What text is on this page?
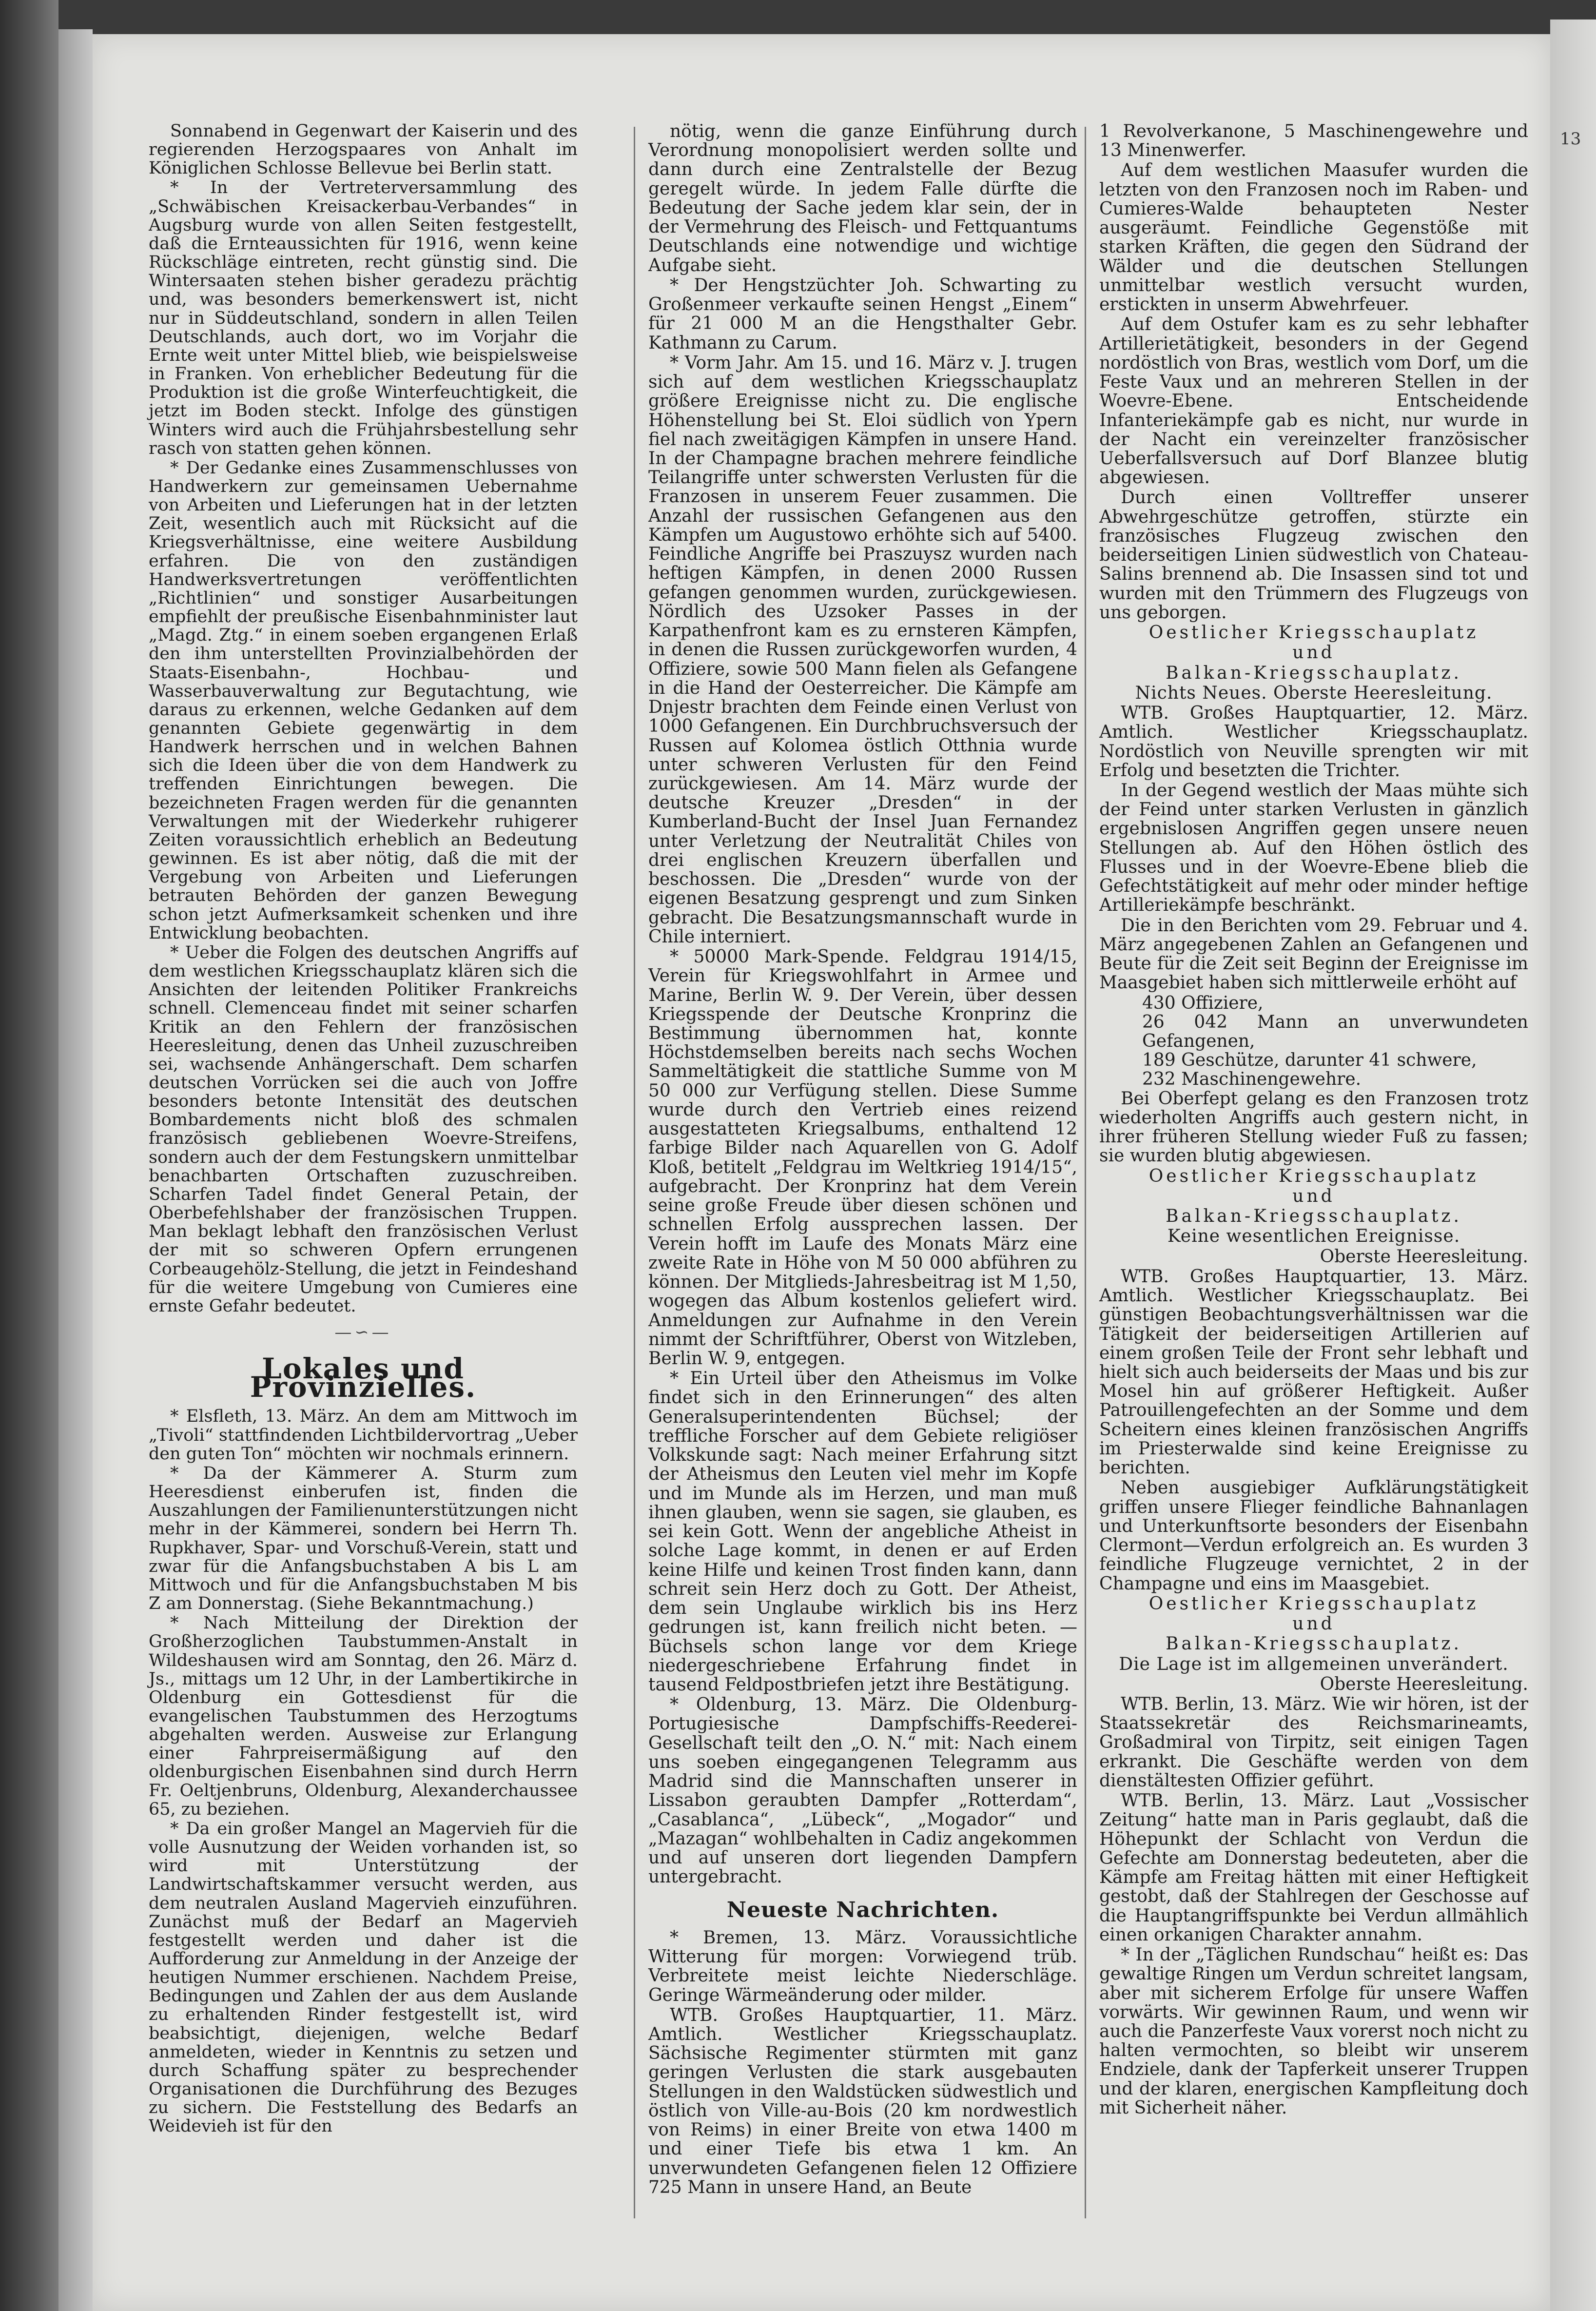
13

Sonnabend in Gegenwart der Kaiserin und des regierenden Herzogspaares von Anhalt im Königlichen Schlosse Bellevue bei Berlin statt.

* In der Vertreterversammlung des „Schwäbischen Kreisackerbau-Verbandes“ in Augsburg wurde von allen Seiten festgestellt, daß die Ernteaussichten für 1916, wenn keine Rückschläge eintreten, recht günstig sind. Die Wintersaaten stehen bisher geradezu prächtig und, was besonders bemerkenswert ist, nicht nur in Süddeutschland, sondern in allen Teilen Deutschlands, auch dort, wo im Vorjahr die Ernte weit unter Mittel blieb, wie beispielsweise in Franken. Von erheblicher Bedeutung für die Produktion ist die große Winterfeuchtigkeit, die jetzt im Boden steckt. Infolge des günstigen Winters wird auch die Frühjahrsbestellung sehr rasch von statten gehen können.

* Der Gedanke eines Zusammenschlusses von Handwerkern zur gemeinsamen Uebernahme von Arbeiten und Lieferungen hat in der letzten Zeit, wesentlich auch mit Rücksicht auf die Kriegsverhältnisse, eine weitere Ausbildung erfahren. Die von den zuständigen Handwerksvertretungen veröffentlichten „Richtlinien“ und sonstiger Ausarbeitungen empfiehlt der preußische Eisenbahnminister laut „Magd. Ztg.“ in einem soeben ergangenen Erlaß den ihm unterstellten Provinzialbehörden der Staats-Eisenbahn-, Hochbau- und Wasserbauverwaltung zur Begutachtung, wie daraus zu erkennen, welche Gedanken auf dem genannten Gebiete gegenwärtig in dem Handwerk herrschen und in welchen Bahnen sich die Ideen über die von dem Handwerk zu treffenden Einrichtungen bewegen. Die bezeichneten Fragen werden für die genannten Verwaltungen mit der Wiederkehr ruhigerer Zeiten voraussichtlich erheblich an Bedeutung gewinnen. Es ist aber nötig, daß die mit der Vergebung von Arbeiten und Lieferungen betrauten Behörden der ganzen Bewegung schon jetzt Aufmerksamkeit schenken und ihre Entwicklung beobachten.

* Ueber die Folgen des deutschen Angriffs auf dem westlichen Kriegsschauplatz klären sich die Ansichten der leitenden Politiker Frankreichs schnell. Clemenceau findet mit seiner scharfen Kritik an den Fehlern der französischen Heeresleitung, denen das Unheil zuzuschreiben sei, wachsende Anhängerschaft. Dem scharfen deutschen Vorrücken sei die auch von Joffre besonders betonte Intensität des deutschen Bombardements nicht bloß des schmalen französisch gebliebenen Woevre-Streifens, sondern auch der dem Festungskern unmittelbar benachbarten Ortschaften zuzuschreiben. Scharfen Tadel findet General Petain, der Oberbefehlshaber der französischen Truppen. Man beklagt lebhaft den französischen Verlust der mit so schweren Opfern errungenen Corbeaugehölz-Stellung, die jetzt in Feindeshand für die weitere Umgebung von Cumieres eine ernste Gefahr bedeutet.

—∽—
Lokales und Provinzielles.

* Elsfleth, 13. März. An dem am Mittwoch im „Tivoli“ stattfindenden Lichtbildervortrag „Ueber den guten Ton“ möchten wir nochmals erinnern.

* Da der Kämmerer A. Sturm zum Heeresdienst einberufen ist, finden die Auszahlungen der Familienunterstützungen nicht mehr in der Kämmerei, sondern bei Herrn Th. Rupkhaver, Spar- und Vorschuß-Verein, statt und zwar für die Anfangsbuchstaben A bis L am Mittwoch und für die Anfangsbuchstaben M bis Z am Donnerstag. (Siehe Bekanntmachung.)

* Nach Mitteilung der Direktion der Großherzoglichen Taubstummen-Anstalt in Wildeshausen wird am Sonntag, den 26. März d. Js., mittags um 12 Uhr, in der Lambertikirche in Oldenburg ein Gottesdienst für die evangelischen Taubstummen des Herzogtums abgehalten werden. Ausweise zur Erlangung einer Fahrpreisermäßigung auf den oldenburgischen Eisenbahnen sind durch Herrn Fr. Oeltjenbruns, Oldenburg, Alexanderchaussee 65, zu beziehen.

* Da ein großer Mangel an Magervieh für die volle Ausnutzung der Weiden vorhanden ist, so wird mit Unterstützung der Landwirtschaftskammer versucht werden, aus dem neutralen Ausland Magervieh einzuführen. Zunächst muß der Bedarf an Magervieh festgestellt werden und daher ist die Aufforderung zur Anmeldung in der Anzeige der heutigen Nummer erschienen. Nachdem Preise, Bedingungen und Zahlen der aus dem Auslande zu erhaltenden Rinder festgestellt ist, wird beabsichtigt, diejenigen, welche Bedarf anmeldeten, wieder in Kenntnis zu setzen und durch Schaffung später zu besprechender Organisationen die Durchführung des Bezuges zu sichern. Die Feststellung des Bedarfs an Weidevieh ist für den

nötig, wenn die ganze Einführung durch Verordnung monopolisiert werden sollte und dann durch eine Zentralstelle der Bezug geregelt würde. In jedem Falle dürfte die Bedeutung der Sache jedem klar sein, der in der Vermehrung des Fleisch- und Fettquantums Deutschlands eine notwendige und wichtige Aufgabe sieht.

* Der Hengstzüchter Joh. Schwarting zu Großenmeer verkaufte seinen Hengst „Einem“ für 21 000 M an die Hengsthalter Gebr. Kathmann zu Carum.

* Vorm Jahr. Am 15. und 16. März v. J. trugen sich auf dem westlichen Kriegsschauplatz größere Ereignisse nicht zu. Die englische Höhenstellung bei St. Eloi südlich von Ypern fiel nach zweitägigen Kämpfen in unsere Hand. In der Champagne brachen mehrere feindliche Teilangriffe unter schwersten Verlusten für die Franzosen in unserem Feuer zusammen. Die Anzahl der russischen Gefangenen aus den Kämpfen um Augustowo erhöhte sich auf 5400. Feindliche Angriffe bei Praszuysz wurden nach heftigen Kämpfen, in denen 2000 Russen gefangen genommen wurden, zurückgewiesen. Nördlich des Uzsoker Passes in der Karpathenfront kam es zu ernsteren Kämpfen, in denen die Russen zurückgeworfen wurden, 4 Offiziere, sowie 500 Mann fielen als Gefangene in die Hand der Oesterreicher. Die Kämpfe am Dnjestr brachten dem Feinde einen Verlust von 1000 Gefangenen. Ein Durchbruchsversuch der Russen auf Kolomea östlich Otthnia wurde unter schweren Verlusten für den Feind zurückgewiesen. Am 14. März wurde der deutsche Kreuzer „Dresden“ in der Kumberland-Bucht der Insel Juan Fernandez unter Verletzung der Neutralität Chiles von drei englischen Kreuzern überfallen und beschossen. Die „Dresden“ wurde von der eigenen Besatzung gesprengt und zum Sinken gebracht. Die Besatzungsmannschaft wurde in Chile interniert.

* 50000 Mark-Spende. Feldgrau 1914/15, Verein für Kriegswohlfahrt in Armee und Marine, Berlin W. 9. Der Verein, über dessen Kriegsspende der Deutsche Kronprinz die Bestimmung übernommen hat, konnte Höchstdemselben bereits nach sechs Wochen Sammeltätigkeit die stattliche Summe von M 50 000 zur Verfügung stellen. Diese Summe wurde durch den Vertrieb eines reizend ausgestatteten Kriegsalbums, enthaltend 12 farbige Bilder nach Aquarellen von G. Adolf Kloß, betitelt „Feldgrau im Weltkrieg 1914/15“, aufgebracht. Der Kronprinz hat dem Verein seine große Freude über diesen schönen und schnellen Erfolg aussprechen lassen. Der Verein hofft im Laufe des Monats März eine zweite Rate in Höhe von M 50 000 abführen zu können. Der Mitglieds-Jahresbeitrag ist M 1,50, wogegen das Album kostenlos geliefert wird. Anmeldungen zur Aufnahme in den Verein nimmt der Schriftführer, Oberst von Witzleben, Berlin W. 9, entgegen.

* Ein Urteil über den Atheismus im Volke findet sich in den Erinnerungen“ des alten Generalsuperintendenten Büchsel; der treffliche Forscher auf dem Gebiete religiöser Volkskunde sagt: Nach meiner Erfahrung sitzt der Atheismus den Leuten viel mehr im Kopfe und im Munde als im Herzen, und man muß ihnen glauben, wenn sie sagen, sie glauben, es sei kein Gott. Wenn der angebliche Atheist in solche Lage kommt, in denen er auf Erden keine Hilfe und keinen Trost finden kann, dann schreit sein Herz doch zu Gott. Der Atheist, dem sein Unglaube wirklich bis ins Herz gedrungen ist, kann freilich nicht beten. — Büchsels schon lange vor dem Kriege niedergeschriebene Erfahrung findet in tausend Feldpostbriefen jetzt ihre Bestätigung.

* Oldenburg, 13. März. Die Oldenburg-Portugiesische Dampfschiffs-Reederei-Gesellschaft teilt den „O. N.“ mit: Nach einem uns soeben eingegangenen Telegramm aus Madrid sind die Mannschaften unserer in Lissabon geraubten Dampfer „Rotterdam“, „Casablanca“, „Lübeck“, „Mogador“ und „Mazagan“ wohlbehalten in Cadiz angekommen und auf unseren dort liegenden Dampfern untergebracht.

Neueste Nachrichten.

* Bremen, 13. März. Voraussichtliche Witterung für morgen: Vorwiegend trüb. Verbreitete meist leichte Niederschläge. Geringe Wärmeänderung oder milder.

WTB. Großes Hauptquartier, 11. März. Amtlich. Westlicher Kriegsschauplatz. Sächsische Regimenter stürmten mit ganz geringen Verlusten die stark ausgebauten Stellungen in den Waldstücken südwestlich und östlich von Ville-au-Bois (20 km nordwestlich von Reims) in einer Breite von etwa 1400 m und einer Tiefe bis etwa 1 km. An unverwundeten Gefangenen fielen 12 Offiziere 725 Mann in unsere Hand, an Beute

1 Revolverkanone, 5 Maschinengewehre und 13 Minenwerfer.

Auf dem westlichen Maasufer wurden die letzten von den Franzosen noch im Raben- und Cumieres-Walde behaupteten Nester ausgeräumt. Feindliche Gegenstöße mit starken Kräften, die gegen den Südrand der Wälder und die deutschen Stellungen unmittelbar westlich versucht wurden, erstickten in unserm Abwehrfeuer.

Auf dem Ostufer kam es zu sehr lebhafter Artillerietätigkeit, besonders in der Gegend nordöstlich von Bras, westlich vom Dorf, um die Feste Vaux und an mehreren Stellen in der Woevre-Ebene. Entscheidende Infanteriekämpfe gab es nicht, nur wurde in der Nacht ein vereinzelter französischer Ueberfallsversuch auf Dorf Blanzee blutig abgewiesen.

Durch einen Volltreffer unserer Abwehrgeschütze getroffen, stürzte ein französisches Flugzeug zwischen den beiderseitigen Linien südwestlich von Chateau-Salins brennend ab. Die Insassen sind tot und wurden mit den Trümmern des Flugzeugs von uns geborgen.

Oestlicher Kriegsschauplatz

und

Balkan-Kriegsschauplatz.

Nichts Neues. Oberste Heeresleitung.

WTB. Großes Hauptquartier, 12. März. Amtlich. Westlicher Kriegsschauplatz. Nordöstlich von Neuville sprengten wir mit Erfolg und besetzten die Trichter.

In der Gegend westlich der Maas mühte sich der Feind unter starken Verlusten in gänzlich ergebnislosen Angriffen gegen unsere neuen Stellungen ab. Auf den Höhen östlich des Flusses und in der Woevre-Ebene blieb die Gefechtstätigkeit auf mehr oder minder heftige Artilleriekämpfe beschränkt.

Die in den Berichten vom 29. Februar und 4. März angegebenen Zahlen an Gefangenen und Beute für die Zeit seit Beginn der Ereignisse im Maasgebiet haben sich mittlerweile erhöht auf

430 Offiziere,

26 042 Mann an unverwundeten Gefangenen,

189 Geschütze, darunter 41 schwere,

232 Maschinengewehre.

Bei Oberfept gelang es den Franzosen trotz wiederholten Angriffs auch gestern nicht, in ihrer früheren Stellung wieder Fuß zu fassen; sie wurden blutig abgewiesen.

Oestlicher Kriegsschauplatz

und

Balkan-Kriegsschauplatz.

Keine wesentlichen Ereignisse.

Oberste Heeresleitung.

WTB. Großes Hauptquartier, 13. März. Amtlich. Westlicher Kriegsschauplatz. Bei günstigen Beobachtungsverhältnissen war die Tätigkeit der beiderseitigen Artillerien auf einem großen Teile der Front sehr lebhaft und hielt sich auch beiderseits der Maas und bis zur Mosel hin auf größerer Heftigkeit. Außer Patrouillengefechten an der Somme und dem Scheitern eines kleinen französischen Angriffs im Priesterwalde sind keine Ereignisse zu berichten.

Neben ausgiebiger Aufklärungstätigkeit griffen unsere Flieger feindliche Bahnanlagen und Unterkunftsorte besonders der Eisenbahn Clermont—Verdun erfolgreich an. Es wurden 3 feindliche Flugzeuge vernichtet, 2 in der Champagne und eins im Maasgebiet.

Oestlicher Kriegsschauplatz

und

Balkan-Kriegsschauplatz.

Die Lage ist im allgemeinen unverändert.

Oberste Heeresleitung.

WTB. Berlin, 13. März. Wie wir hören, ist der Staatssekretär des Reichsmarineamts, Großadmiral von Tirpitz, seit einigen Tagen erkrankt. Die Geschäfte werden von dem dienstältesten Offizier geführt.

WTB. Berlin, 13. März. Laut „Vossischer Zeitung“ hatte man in Paris geglaubt, daß die Höhepunkt der Schlacht von Verdun die Gefechte am Donnerstag bedeuteten, aber die Kämpfe am Freitag hätten mit einer Heftigkeit gestobt, daß der Stahlregen der Geschosse auf die Hauptangriffspunkte bei Verdun allmählich einen orkanigen Charakter annahm.

* In der „Täglichen Rundschau“ heißt es: Das gewaltige Ringen um Verdun schreitet langsam, aber mit sicherem Erfolge für unsere Waffen vorwärts. Wir gewinnen Raum, und wenn wir auch die Panzerfeste Vaux vorerst noch nicht zu halten vermochten, so bleibt wir unserem Endziele, dank der Tapferkeit unserer Truppen und der klaren, energischen Kampfleitung doch mit Sicherheit näher.
